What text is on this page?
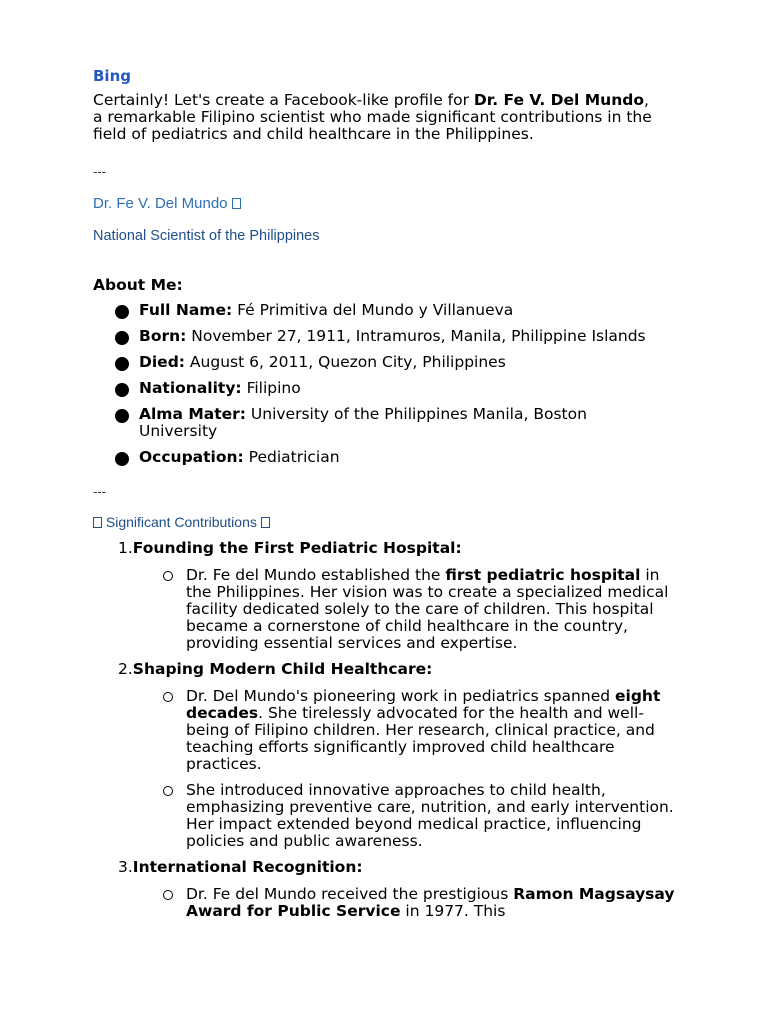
Bing

Certainly! Let's create a Facebook-like profile for Dr. Fe V. Del Mundo, a remarkable Filipino scientist who made significant contributions in the field of pediatrics and child healthcare in the Philippines.

---

Dr. Fe V. Del Mundo

National Scientist of the Philippines

About Me:

Full Name: Fé Primitiva del Mundo y Villanueva
Born: November 27, 1911, Intramuros, Manila, Philippine Islands
Died: August 6, 2011, Quezon City, Philippines
Nationality: Filipino
Alma Mater: University of the Philippines Manila, Boston University
Occupation: Pediatrician

---

Significant Contributions

1.Founding the First Pediatric Hospital:
Dr. Fe del Mundo established the first pediatric hospital in the Philippines. Her vision was to create a specialized medical facility dedicated solely to the care of children. This hospital became a cornerstone of child healthcare in the country, providing essential services and expertise.
2.Shaping Modern Child Healthcare:
Dr. Del Mundo's pioneering work in pediatrics spanned eight decades. She tirelessly advocated for the health and well-being of Filipino children. Her research, clinical practice, and teaching efforts significantly improved child healthcare practices.
She introduced innovative approaches to child health, emphasizing preventive care, nutrition, and early intervention. Her impact extended beyond medical practice, influencing policies and public awareness.
3.International Recognition:
Dr. Fe del Mundo received the prestigious Ramon Magsaysay Award for Public Service in 1977. This
